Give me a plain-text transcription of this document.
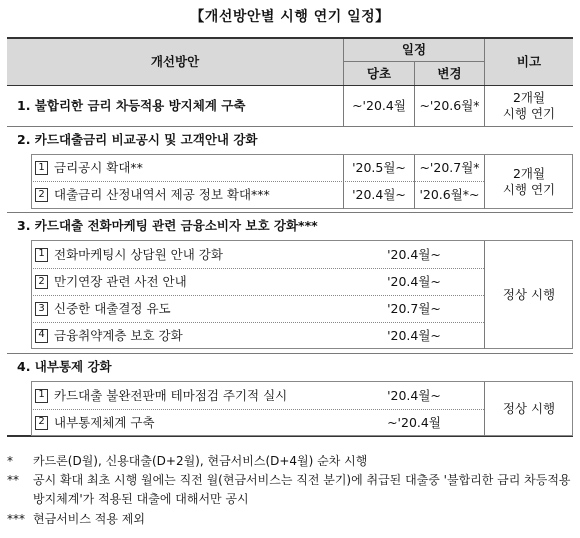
【개선방안별 시행 연기 일정】
개선방안
일정
당초	변경
비고
1. 불합리한 금리 차등적용 방지체계 구축	~'20.4월 ~'20.6월*
2개월
시행 연기
2. 카드대출금리 비교공시 및 고객안내 강화
1 금리공시 확대**	'20.5월~ ~'20.7월*
2 대출금리 산정내역서 제공 정보 확대***	'20.4월~ '20.6월*~
2개월
시행 연기
3. 카드대출 전화마케팅 관련 금융소비자 보호 강화***
1 전화마케팅시 상담원 안내 강화	'20.4월~
2 만기연장 관련 사전 안내	'20.4월~
3 신중한 대출결정 유도	'20.7월~
4 금융취약계층 보호 강화	'20.4월~
정상 시행
4. 내부통제 강화
1 카드대출 불완전판매 테마점검 주기적 실시	'20.4월~
2 내부통제체계 구축	~'20.4월
정상 시행
*	카드론(D월), 신용대출(D+2월), 현금서비스(D+4월) 순차 시행
**	공시 확대 최초 시행 월에는 직전 월(현금서비스는 직전 분기)에 취급된 대출중 '불합리한 금리 차등적용 방지체계'가 적용된 대출에 대해서만 공시
*** 현금서비스 적용 제외
